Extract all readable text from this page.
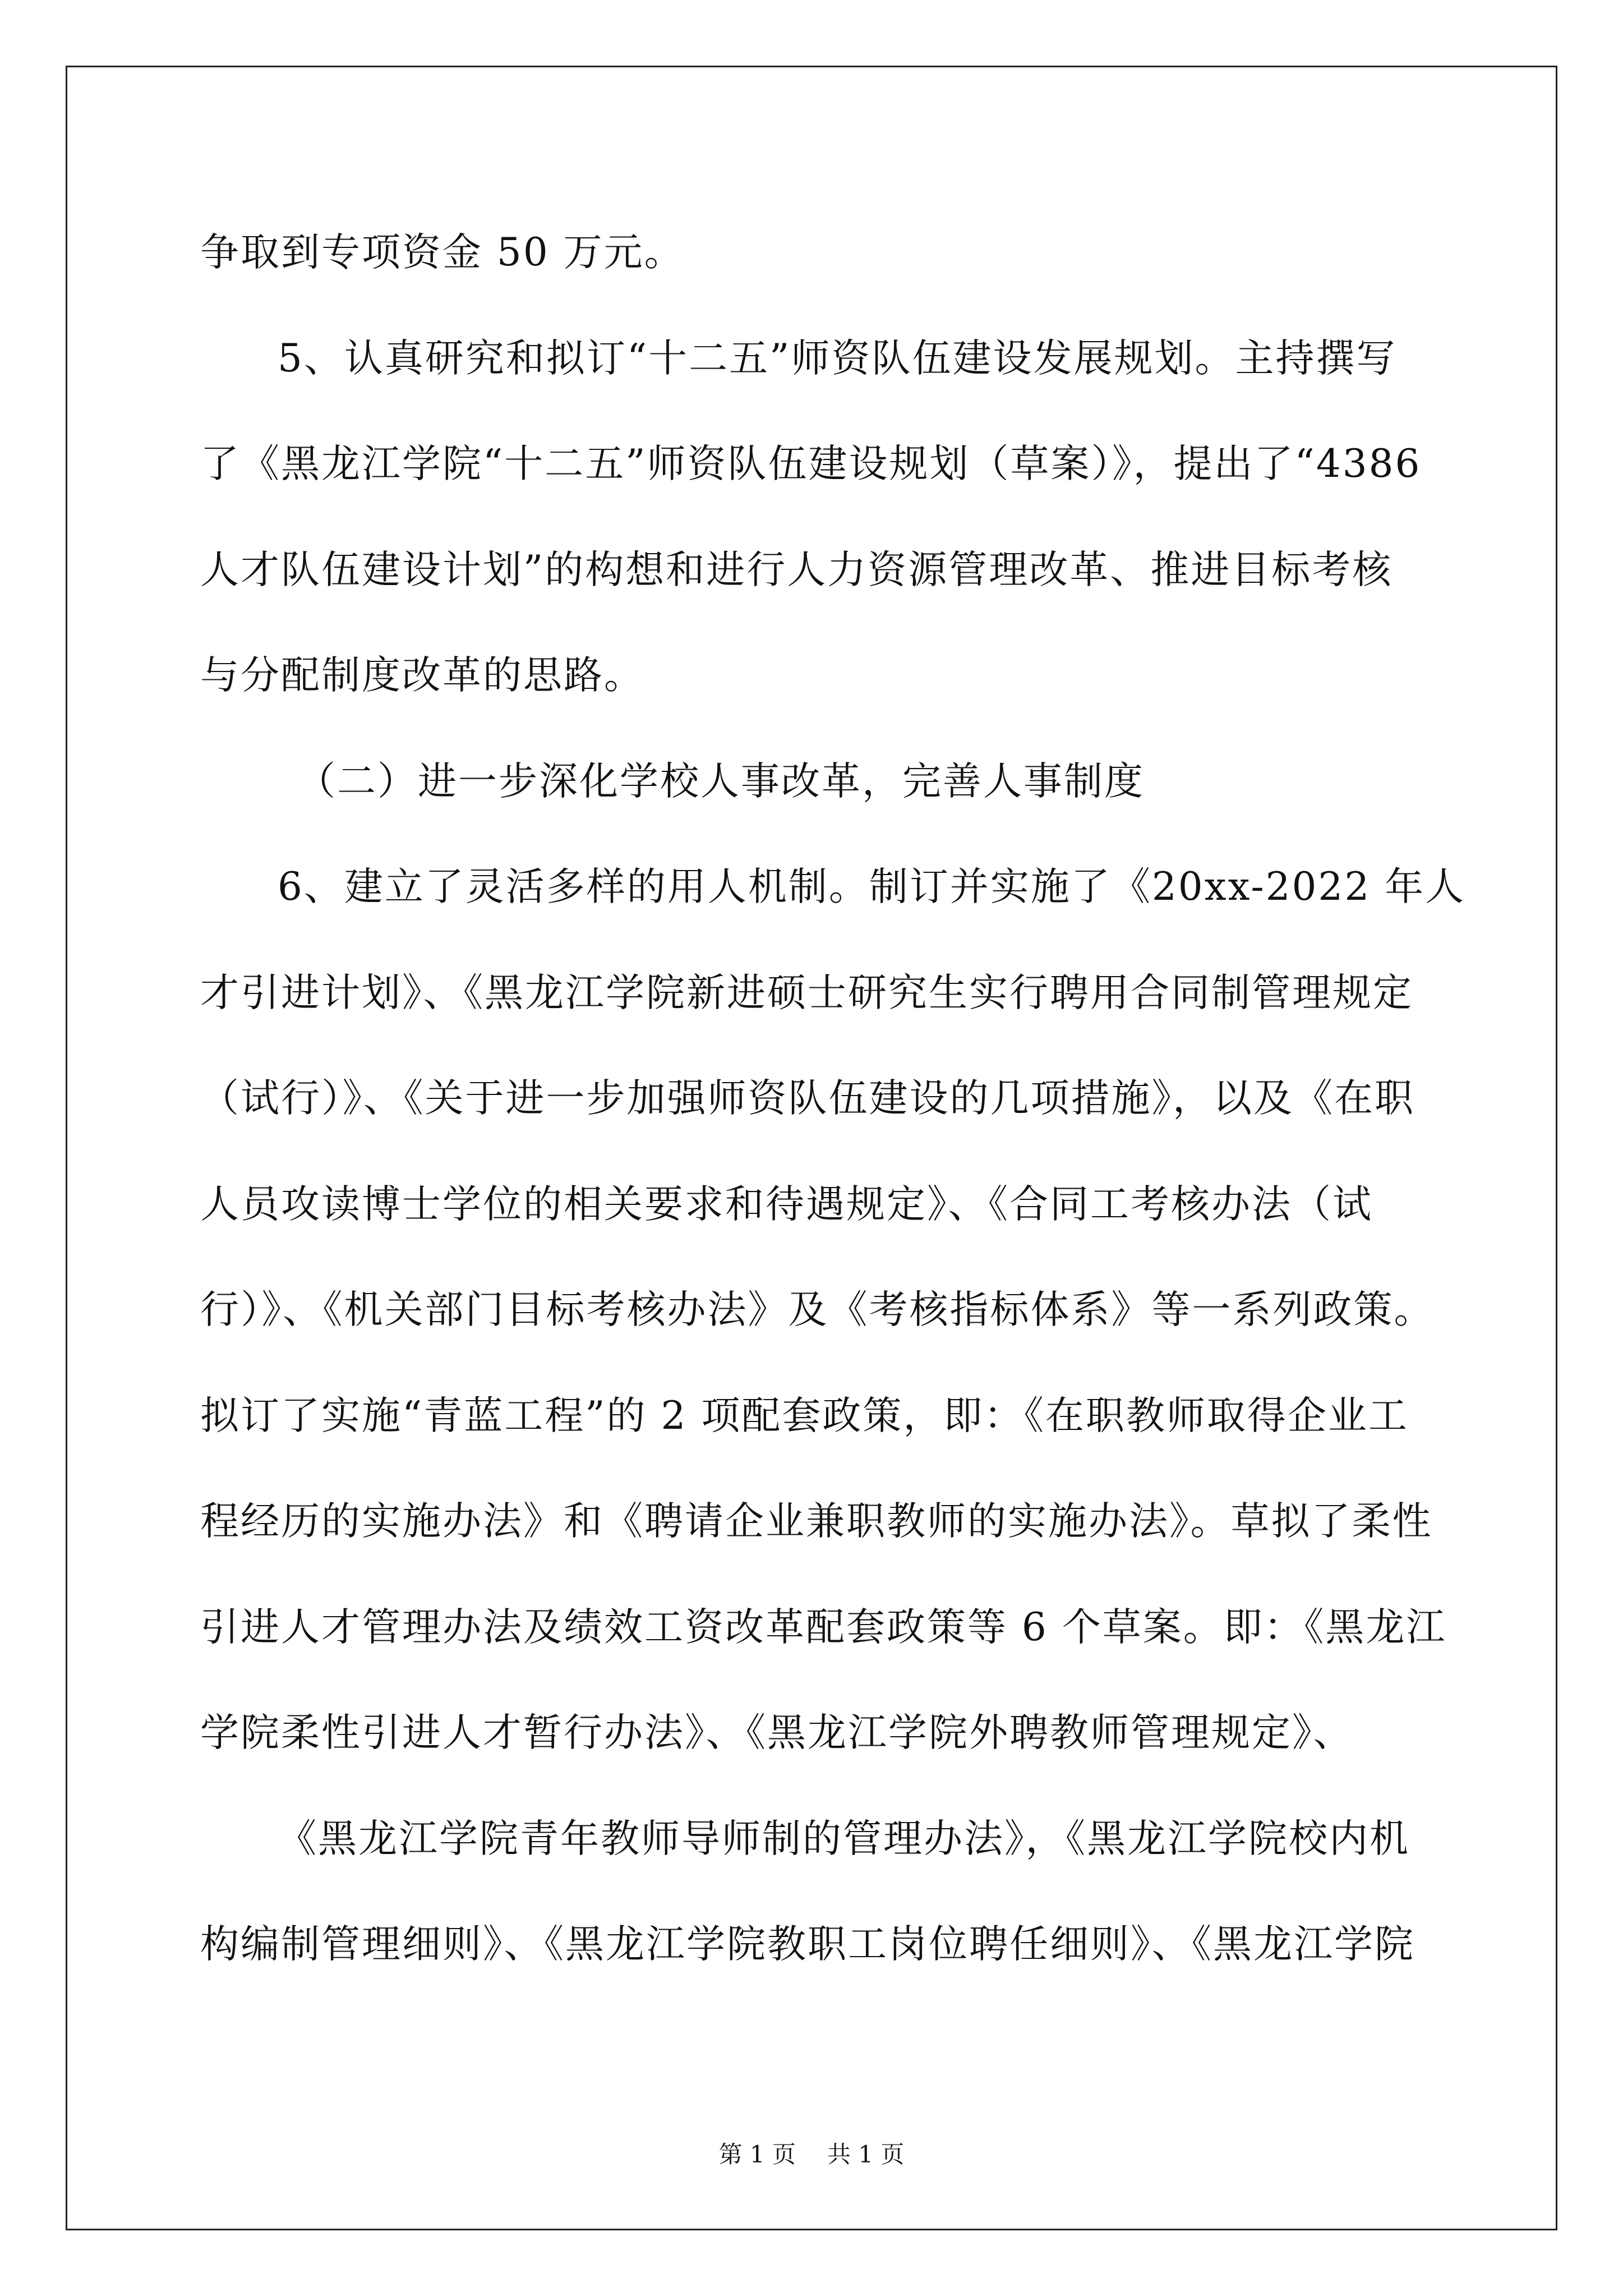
争取到专项资金 50 万元。

5、认真研究和拟订“十二五”师资队伍建设发展规划。主持撰写

了《黑龙江学院“十二五”师资队伍建设规划（草案）》，提出了“4386

人才队伍建设计划”的构想和进行人力资源管理改革、推进目标考核

与分配制度改革的思路。

（二）进一步深化学校人事改革，完善人事制度

6、建立了灵活多样的用人机制。制订并实施了《20xx-2022 年人

才引进计划》、《黑龙江学院新进硕士研究生实行聘用合同制管理规定

（试行）》、《关于进一步加强师资队伍建设的几项措施》，以及《在职

人员攻读博士学位的相关要求和待遇规定》、《合同工考核办法（试

行）》、《机关部门目标考核办法》及《考核指标体系》等一系列政策。

拟订了实施“青蓝工程”的 2 项配套政策，即：《在职教师取得企业工

程经历的实施办法》和《聘请企业兼职教师的实施办法》。草拟了柔性

引进人才管理办法及绩效工资改革配套政策等 6 个草案。即：《黑龙江

学院柔性引进人才暂行办法》、《黑龙江学院外聘教师管理规定》、

《黑龙江学院青年教师导师制的管理办法》，《黑龙江学院校内机

构编制管理细则》、《黑龙江学院教职工岗位聘任细则》、《黑龙江学院

第 1 页 共 1 页
